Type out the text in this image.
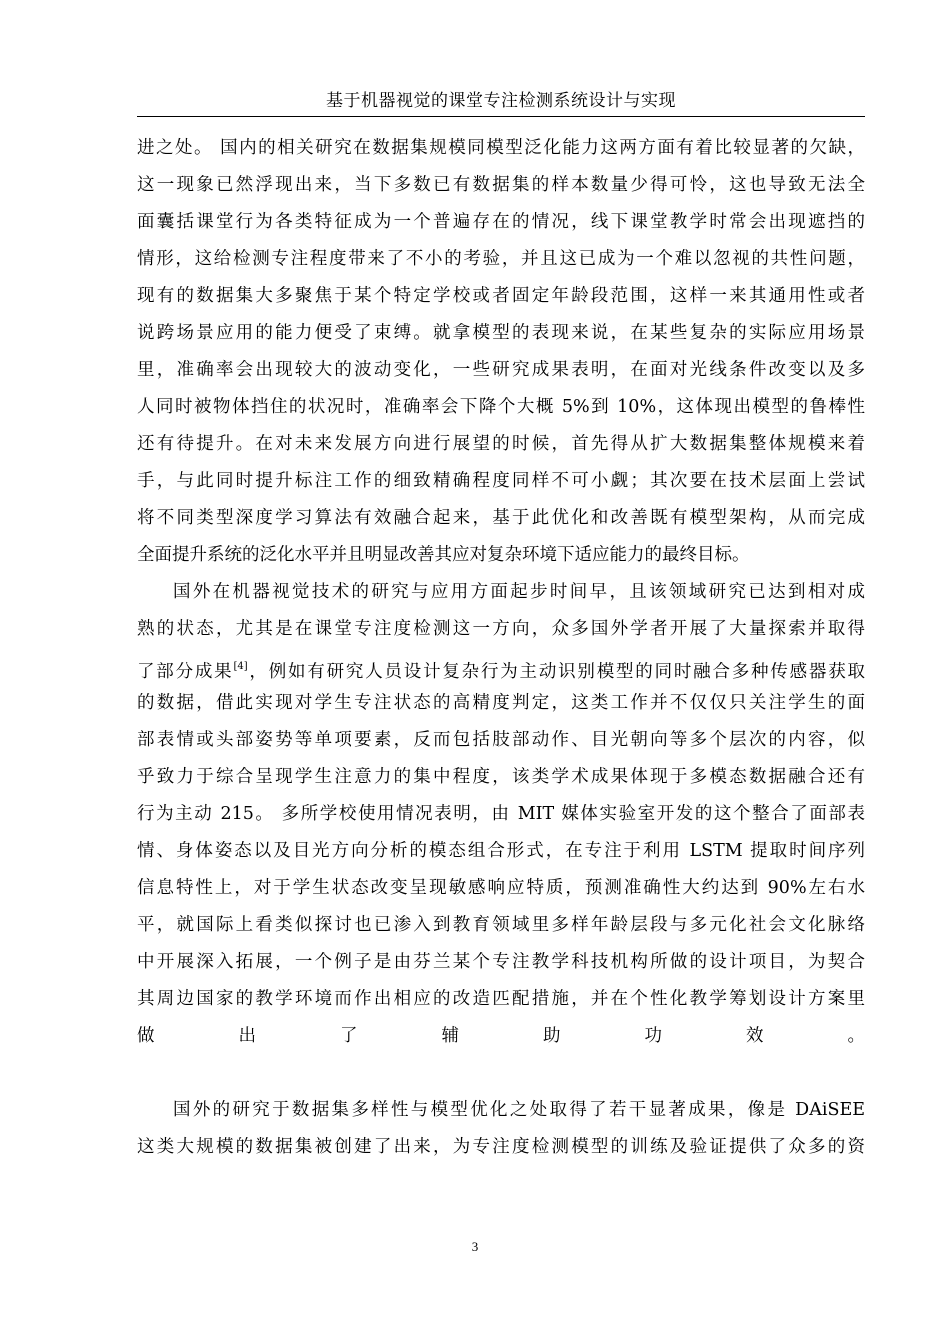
基于机器视觉的课堂专注检测系统设计与实现
进之处。 国内的相关研究在数据集规模同模型泛化能力这两方面有着比较显著的欠缺，
这一现象已然浮现出来，当下多数已有数据集的样本数量少得可怜，这也导致无法全
面囊括课堂行为各类特征成为一个普遍存在的情况，线下课堂教学时常会出现遮挡的
情形，这给检测专注程度带来了不小的考验，并且这已成为一个难以忽视的共性问题，
现有的数据集大多聚焦于某个特定学校或者固定年龄段范围，这样一来其通用性或者
说跨场景应用的能力便受了束缚。就拿模型的表现来说，在某些复杂的实际应用场景
里，准确率会出现较大的波动变化，一些研究成果表明，在面对光线条件改变以及多
人同时被物体挡住的状况时，准确率会下降个大概 5%到 10%，这体现出模型的鲁棒性
还有待提升。在对未来发展方向进行展望的时候，首先得从扩大数据集整体规模来着
手，与此同时提升标注工作的细致精确程度同样不可小觑；其次要在技术层面上尝试
将不同类型深度学习算法有效融合起来，基于此优化和改善既有模型架构，从而完成
全面提升系统的泛化水平并且明显改善其应对复杂环境下适应能力的最终目标。
国外在机器视觉技术的研究与应用方面起步时间早，且该领域研究已达到相对成
熟的状态，尤其是在课堂专注度检测这一方向，众多国外学者开展了大量探索并取得
了部分成果[4]，例如有研究人员设计复杂行为主动识别模型的同时融合多种传感器获取
的数据，借此实现对学生专注状态的高精度判定，这类工作并不仅仅只关注学生的面
部表情或头部姿势等单项要素，反而包括肢部动作、目光朝向等多个层次的内容，似
乎致力于综合呈现学生注意力的集中程度，该类学术成果体现于多模态数据融合还有
行为主动 215。 多所学校使用情况表明，由 MIT 媒体实验室开发的这个整合了面部表
情、身体姿态以及目光方向分析的模态组合形式，在专注于利用 LSTM 提取时间序列
信息特性上，对于学生状态改变呈现敏感响应特质，预测准确性大约达到 90%左右水
平，就国际上看类似探讨也已渗入到教育领域里多样年龄层段与多元化社会文化脉络
中开展深入拓展，一个例子是由芬兰某个专注教学科技机构所做的设计项目，为契合
其周边国家的教学环境而作出相应的改造匹配措施，并在个性化教学筹划设计方案里
做出了辅助功效。
国外的研究于数据集多样性与模型优化之处取得了若干显著成果，像是 DAiSEE
这类大规模的数据集被创建了出来，为专注度检测模型的训练及验证提供了众多的资
3
